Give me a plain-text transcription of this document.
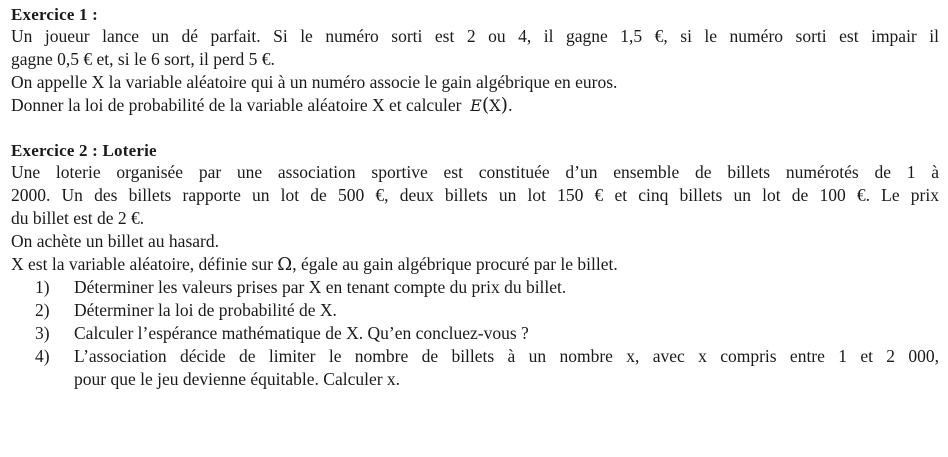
Exercice 1 :
Un joueur lance un dé parfait. Si le numéro sorti est 2 ou 4, il gagne 1,5 €, si le numéro sorti est impair il
gagne 0,5 € et, si le 6 sort, il perd 5 €.
On appelle X la variable aléatoire qui à un numéro associe le gain algébrique en euros.
Donner la loi de probabilité de la variable aléatoire X et calculer E(X).
Exercice 2 : Loterie
Une loterie organisée par une association sportive est constituée d’un ensemble de billets numérotés de 1 à
2000. Un des billets rapporte un lot de 500 €, deux billets un lot 150 € et cinq billets un lot de 100 €. Le prix
du billet est de 2 €.
On achète un billet au hasard.
X est la variable aléatoire, définie sur Ω, égale au gain algébrique procuré par le billet.
1) Déterminer les valeurs prises par X en tenant compte du prix du billet.
2) Déterminer la loi de probabilité de X.
3) Calculer l’espérance mathématique de X. Qu’en concluez-vous ?
4) L’association décide de limiter le nombre de billets à un nombre x, avec x compris entre 1 et 2 000,
pour que le jeu devienne équitable. Calculer x.
